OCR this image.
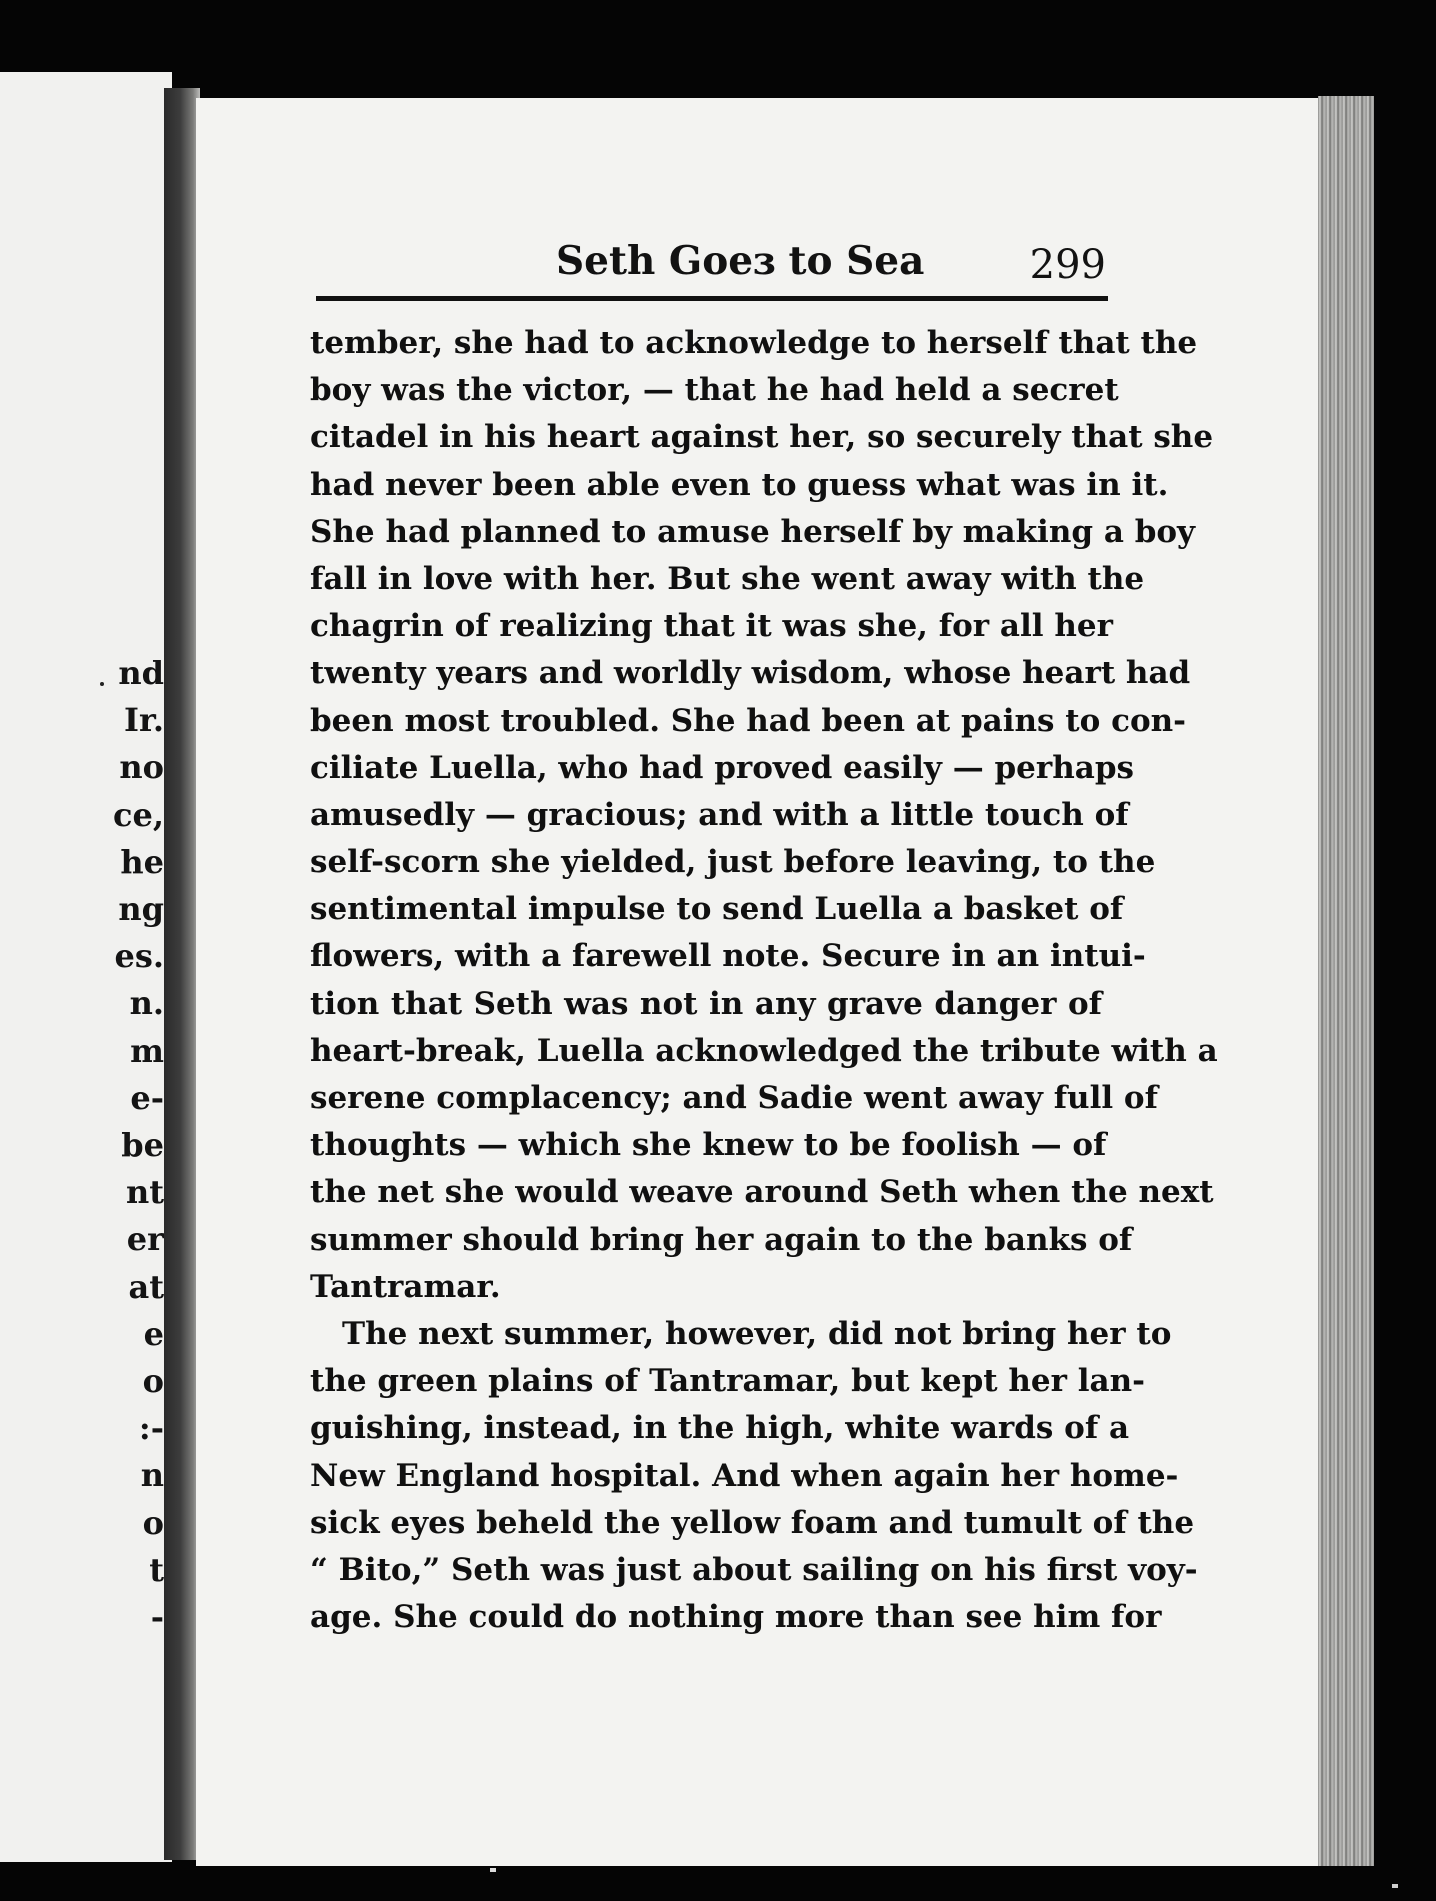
nd
Ir.
no
ce,
he
ng
es.
n.
m
e-
be
nt
er
at
e
o
:-
n
o
t
-
Seth Goeɜ to Sea	299
tember, she had to acknowledge to herself that the
boy was the victor, — that he had held a secret
citadel in his heart against her, so securely that she
had never been able even to guess what was in it.
She had planned to amuse herself by making a boy
fall in love with her. But she went away with the
chagrin of realizing that it was she, for all her
twenty years and worldly wisdom, whose heart had
been most troubled. She had been at pains to con-
ciliate Luella, who had proved easily — perhaps
amusedly — gracious; and with a little touch of
self-scorn she yielded, just before leaving, to the
sentimental impulse to send Luella a basket of
flowers, with a farewell note. Secure in an intui-
tion that Seth was not in any grave danger of
heart-break, Luella acknowledged the tribute with a
serene complacency; and Sadie went away full of
thoughts — which she knew to be foolish — of
the net she would weave around Seth when the next
summer should bring her again to the banks of
Tantramar.
The next summer, however, did not bring her to
the green plains of Tantramar, but kept her lan-
guishing, instead, in the high, white wards of a
New England hospital. And when again her home-
sick eyes beheld the yellow foam and tumult of the
“ Bito,” Seth was just about sailing on his first voy-
age. She could do nothing more than see him for
